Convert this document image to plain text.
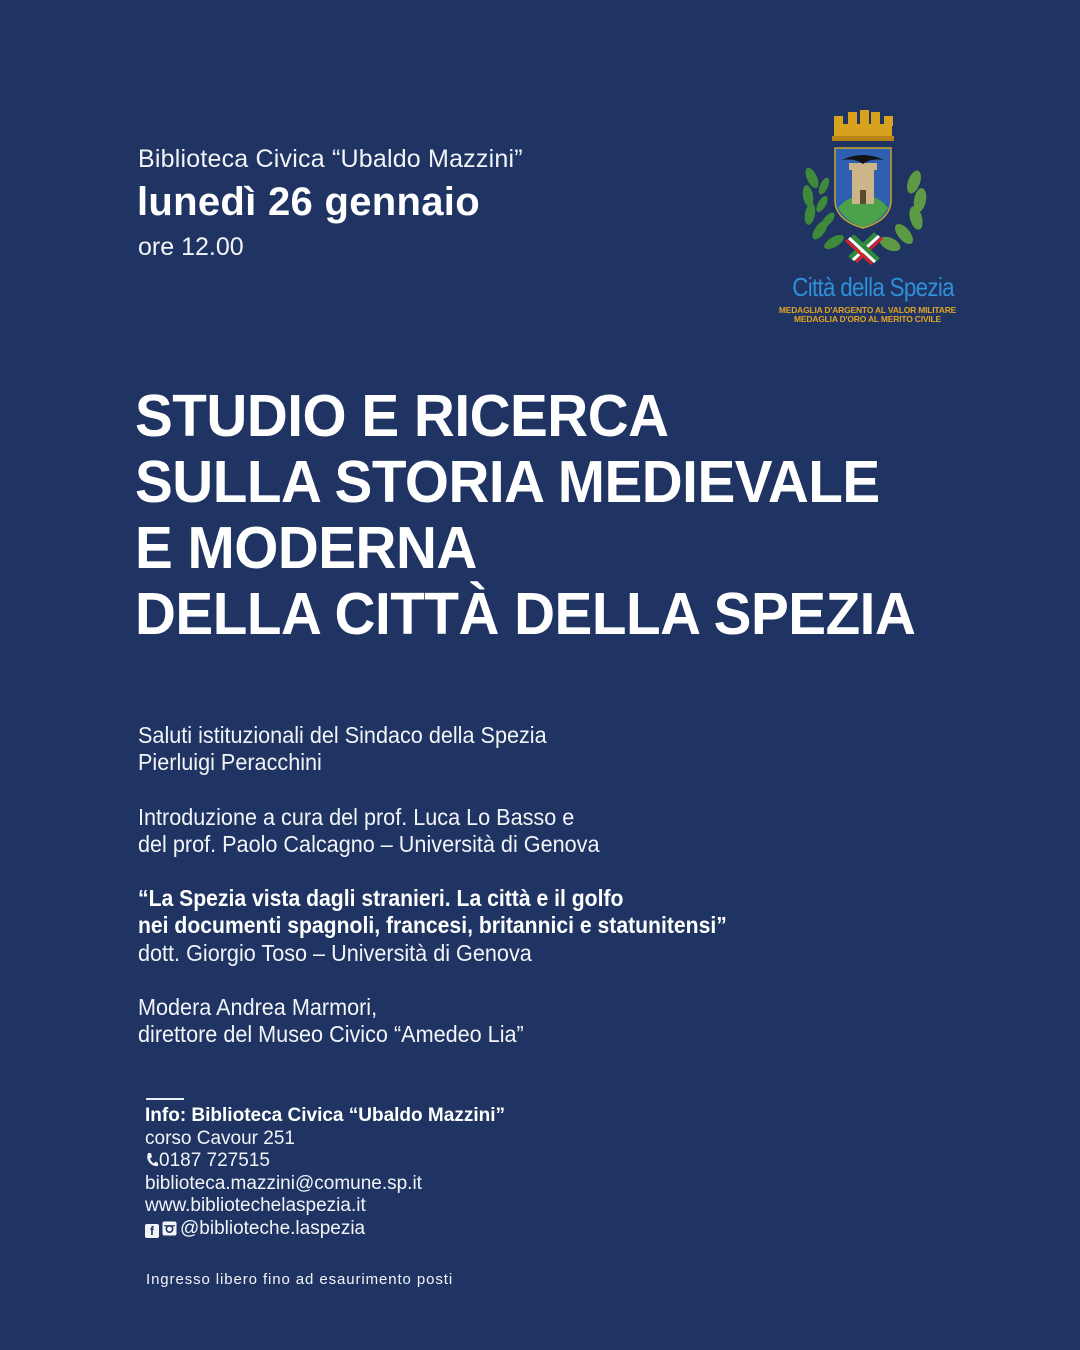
Biblioteca Civica “Ubaldo Mazzini”
lunedì 26 gennaio
ore 12.00
Città della Spezia
MEDAGLIA D'ARGENTO AL VALOR MILITARE
MEDAGLIA D'ORO AL MERITO CIVILE
STUDIO E RICERCA
SULLA STORIA MEDIEVALE
E MODERNA
DELLA CITTÀ DELLA SPEZIA
Saluti istituzionali del Sindaco della Spezia
Pierluigi Peracchini
Introduzione a cura del prof. Luca Lo Basso e
del prof. Paolo Calcagno – Università di Genova
“La Spezia vista dagli stranieri. La città e il golfo
nei documenti spagnoli, francesi, britannici e statunitensi”
dott. Giorgio Toso – Università di Genova
Modera Andrea Marmori,
direttore del Museo Civico “Amedeo Lia”
Info: Biblioteca Civica “Ubaldo Mazzini”
corso Cavour 251
0187 727515
biblioteca.mazzini@comune.sp.it
www.bibliotechelaspezia.it
f @biblioteche.laspezia
Ingresso libero fino ad esaurimento posti
